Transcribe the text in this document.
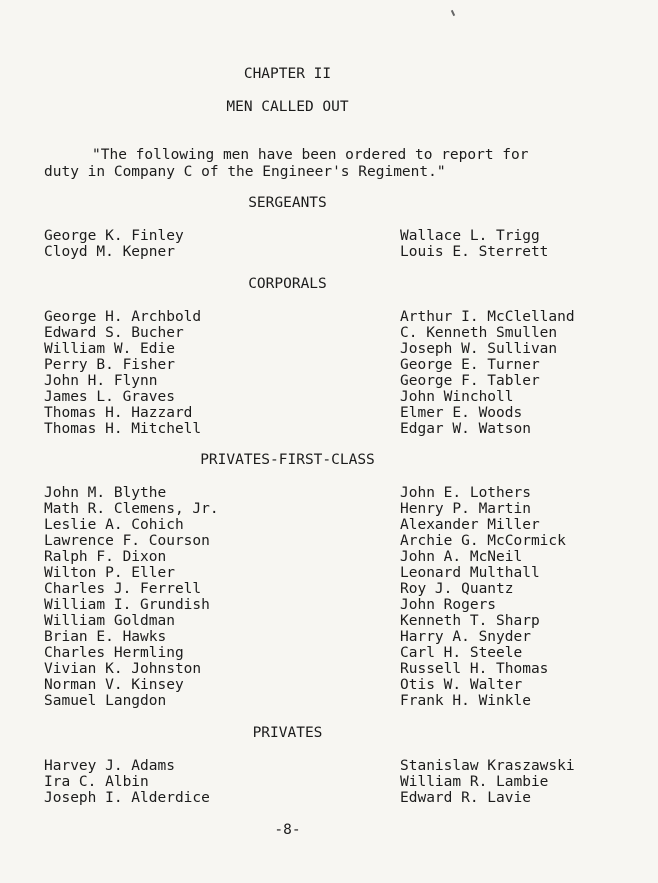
CHAPTER II
MEN CALLED OUT
"The following men have been ordered to report for
duty in Company C of the Engineer's Regiment."
SERGEANTS
George K. Finley
Cloyd M. Kepner
Wallace L. Trigg
Louis E. Sterrett
CORPORALS
George H. Archbold
Edward S. Bucher
William W. Edie
Perry B. Fisher
John H. Flynn
James L. Graves
Thomas H. Hazzard
Thomas H. Mitchell
Arthur I. McClelland
C. Kenneth Smullen
Joseph W. Sullivan
George E. Turner
George F. Tabler
John Wincholl
Elmer E. Woods
Edgar W. Watson
PRIVATES-FIRST-CLASS
John M. Blythe
Math R. Clemens, Jr.
Leslie A. Cohich
Lawrence F. Courson
Ralph F. Dixon
Wilton P. Eller
Charles J. Ferrell
William I. Grundish
William Goldman
Brian E. Hawks
Charles Hermling
Vivian K. Johnston
Norman V. Kinsey
Samuel Langdon
John E. Lothers
Henry P. Martin
Alexander Miller
Archie G. McCormick
John A. McNeil
Leonard Multhall
Roy J. Quantz
John Rogers
Kenneth T. Sharp
Harry A. Snyder
Carl H. Steele
Russell H. Thomas
Otis W. Walter
Frank H. Winkle
PRIVATES
Harvey J. Adams
Ira C. Albin
Joseph I. Alderdice
Stanislaw Kraszawski
William R. Lambie
Edward R. Lavie
-8-
